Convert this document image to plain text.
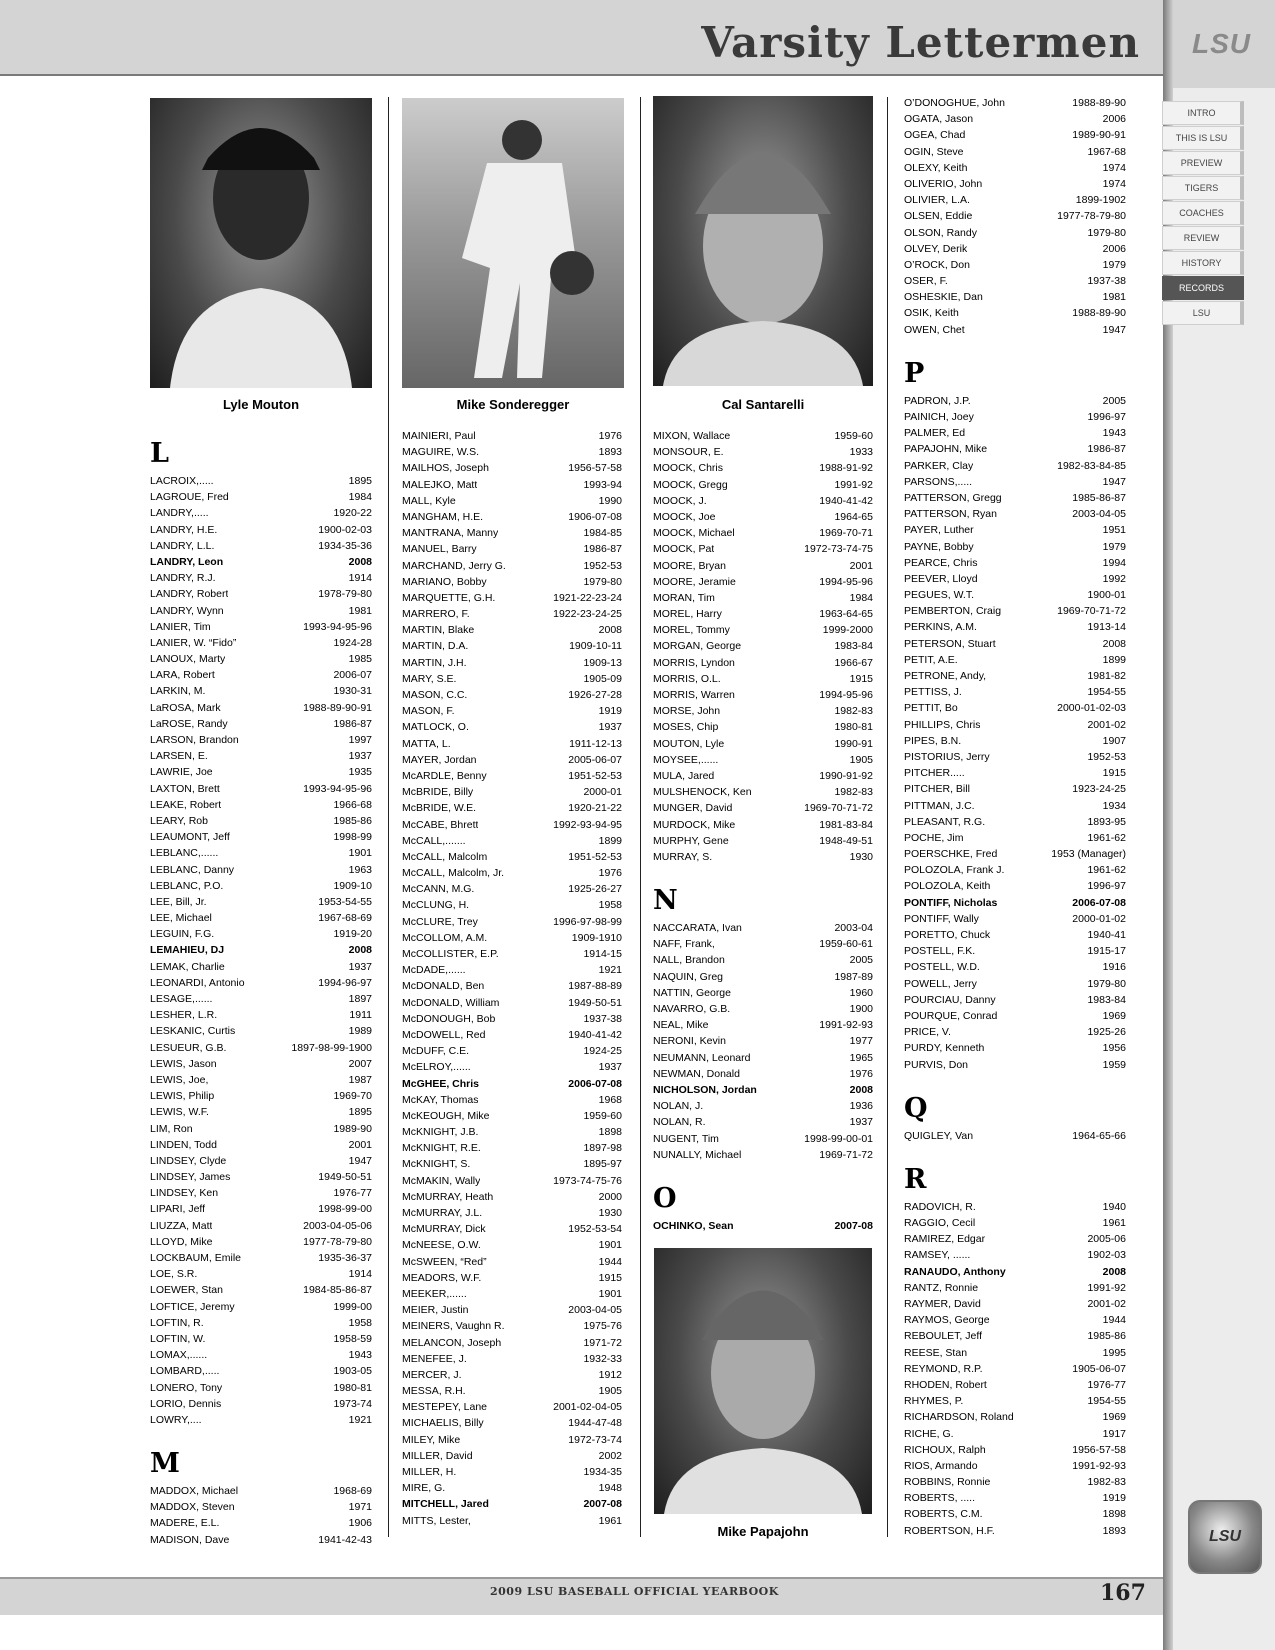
Varsity Lettermen LSU
INTRO
THIS IS LSU
PREVIEW
TIGERS
COACHES
REVIEW
HISTORY
RECORDS
LSU
LSU
Lyle Mouton	Mike Sonderegger	Cal Santarelli
Mike Papajohn
L
LACROIX,.....	1895
LAGROUE, Fred	1984
LANDRY,.....	1920-22
LANDRY, H.E.	1900-02-03
LANDRY, L.L.	1934-35-36
LANDRY, Leon	2008
LANDRY, R.J.	1914
LANDRY, Robert	1978-79-80
LANDRY, Wynn	1981
LANIER, Tim	1993-94-95-96
LANIER, W. “Fido”	1924-28
LANOUX, Marty	1985
LARA, Robert	2006-07
LARKIN, M.	1930-31
LaROSA, Mark	1988-89-90-91
LaROSE, Randy	1986-87
LARSON, Brandon	1997
LARSEN, E.	1937
LAWRIE, Joe	1935
LAXTON, Brett	1993-94-95-96
LEAKE, Robert	1966-68
LEARY, Rob	1985-86
LEAUMONT, Jeff	1998-99
LEBLANC,......	1901
LEBLANC, Danny	1963
LEBLANC, P.O.	1909-10
LEE, Bill, Jr.	1953-54-55
LEE, Michael	1967-68-69
LEGUIN, F.G.	1919-20
LEMAHIEU, DJ	2008
LEMAK, Charlie	1937
LEONARDI, Antonio	1994-96-97
LESAGE,......	1897
LESHER, L.R.	1911
LESKANIC, Curtis	1989
LESUEUR, G.B.	1897-98-99-1900
LEWIS, Jason	2007
LEWIS, Joe,	1987
LEWIS, Philip	1969-70
LEWIS, W.F.	1895
LIM, Ron	1989-90
LINDEN, Todd	2001
LINDSEY, Clyde	1947
LINDSEY, James	1949-50-51
LINDSEY, Ken	1976-77
LIPARI, Jeff	1998-99-00
LIUZZA, Matt	2003-04-05-06
LLOYD, Mike	1977-78-79-80
LOCKBAUM, Emile	1935-36-37
LOE, S.R.	1914
LOEWER, Stan	1984-85-86-87
LOFTICE, Jeremy	1999-00
LOFTIN, R.	1958
LOFTIN, W.	1958-59
LOMAX,......	1943
LOMBARD,.....	1903-05
LONERO, Tony	1980-81
LORIO, Dennis	1973-74
LOWRY,....	1921
M
MADDOX, Michael	1968-69
MADDOX, Steven	1971
MADERE, E.L.	1906
MADISON, Dave	1941-42-43
MAINIERI, Paul	1976
MAGUIRE, W.S.	1893
MAILHOS, Joseph	1956-57-58
MALEJKO, Matt	1993-94
MALL, Kyle	1990
MANGHAM, H.E.	1906-07-08
MANTRANA, Manny	1984-85
MANUEL, Barry	1986-87
MARCHAND, Jerry G.	1952-53
MARIANO, Bobby	1979-80
MARQUETTE, G.H.	1921-22-23-24
MARRERO, F.	1922-23-24-25
MARTIN, Blake	2008
MARTIN, D.A.	1909-10-11
MARTIN, J.H.	1909-13
MARY, S.E.	1905-09
MASON, C.C.	1926-27-28
MASON, F.	1919
MATLOCK, O.	1937
MATTA, L.	1911-12-13
MAYER, Jordan	2005-06-07
McARDLE, Benny	1951-52-53
McBRIDE, Billy	2000-01
McBRIDE, W.E.	1920-21-22
McCABE, Bhrett	1992-93-94-95
McCALL,.......	1899
McCALL, Malcolm	1951-52-53
McCALL, Malcolm, Jr.	1976
McCANN, M.G.	1925-26-27
McCLUNG, H.	1958
McCLURE, Trey	1996-97-98-99
McCOLLOM, A.M.	1909-1910
McCOLLISTER, E.P.	1914-15
McDADE,......	1921
McDONALD, Ben	1987-88-89
McDONALD, William	1949-50-51
McDONOUGH, Bob	1937-38
McDOWELL, Red	1940-41-42
McDUFF, C.E.	1924-25
McELROY,......	1937
McGHEE, Chris	2006-07-08
McKAY, Thomas	1968
McKEOUGH, Mike	1959-60
McKNIGHT, J.B.	1898
McKNIGHT, R.E.	1897-98
McKNIGHT, S.	1895-97
McMAKIN, Wally	1973-74-75-76
McMURRAY, Heath	2000
McMURRAY, J.L.	1930
McMURRAY, Dick	1952-53-54
McNEESE, O.W.	1901
McSWEEN, “Red”	1944
MEADORS, W.F.	1915
MEEKER,......	1901
MEIER, Justin	2003-04-05
MEINERS, Vaughn R.	1975-76
MELANCON, Joseph	1971-72
MENEFEE, J.	1932-33
MERCER, J.	1912
MESSA, R.H.	1905
MESTEPEY, Lane	2001-02-04-05
MICHAELIS, Billy	1944-47-48
MILEY, Mike	1972-73-74
MILLER, David	2002
MILLER, H.	1934-35
MIRE, G.	1948
MITCHELL, Jared	2007-08
MITTS, Lester,	1961
MIXON, Wallace	1959-60
MONSOUR, E.	1933
MOOCK, Chris	1988-91-92
MOOCK, Gregg	1991-92
MOOCK, J.	1940-41-42
MOOCK, Joe	1964-65
MOOCK, Michael	1969-70-71
MOOCK, Pat	1972-73-74-75
MOORE, Bryan	2001
MOORE, Jeramie	1994-95-96
MORAN, Tim	1984
MOREL, Harry	1963-64-65
MOREL, Tommy	1999-2000
MORGAN, George	1983-84
MORRIS, Lyndon	1966-67
MORRIS, O.L.	1915
MORRIS, Warren	1994-95-96
MORSE, John	1982-83
MOSES, Chip	1980-81
MOUTON, Lyle	1990-91
MOYSEE,......	1905
MULA, Jared	1990-91-92
MULSHENOCK, Ken	1982-83
MUNGER, David	1969-70-71-72
MURDOCK, Mike	1981-83-84
MURPHY, Gene	1948-49-51
MURRAY, S.	1930
N
NACCARATA, Ivan	2003-04
NAFF, Frank,	1959-60-61
NALL, Brandon	2005
NAQUIN, Greg	1987-89
NATTIN, George	1960
NAVARRO, G.B.	1900
NEAL, Mike	1991-92-93
NERONI, Kevin	1977
NEUMANN, Leonard	1965
NEWMAN, Donald	1976
NICHOLSON, Jordan	2008
NOLAN, J.	1936
NOLAN, R.	1937
NUGENT, Tim	1998-99-00-01
NUNALLY, Michael	1969-71-72
O
OCHINKO, Sean	2007-08
O’DONOGHUE, John	1988-89-90
OGATA, Jason	2006
OGEA, Chad	1989-90-91
OGIN, Steve	1967-68
OLEXY, Keith	1974
OLIVERIO, John	1974
OLIVIER, L.A.	1899-1902
OLSEN, Eddie	1977-78-79-80
OLSON, Randy	1979-80
OLVEY, Derik	2006
O’ROCK, Don	1979
OSER, F.	1937-38
OSHESKIE, Dan	1981
OSIK, Keith	1988-89-90
OWEN, Chet	1947
P
PADRON, J.P.	2005
PAINICH, Joey	1996-97
PALMER, Ed	1943
PAPAJOHN, Mike	1986-87
PARKER, Clay	1982-83-84-85
PARSONS,.....	1947
PATTERSON, Gregg	1985-86-87
PATTERSON, Ryan	2003-04-05
PAYER, Luther	1951
PAYNE, Bobby	1979
PEARCE, Chris	1994
PEEVER, Lloyd	1992
PEGUES, W.T.	1900-01
PEMBERTON, Craig	1969-70-71-72
PERKINS, A.M.	1913-14
PETERSON, Stuart	2008
PETIT, A.E.	1899
PETRONE, Andy,	1981-82
PETTISS, J.	1954-55
PETTIT, Bo	2000-01-02-03
PHILLIPS, Chris	2001-02
PIPES, B.N.	1907
PISTORIUS, Jerry	1952-53
PITCHER.....	1915
PITCHER, Bill	1923-24-25
PITTMAN, J.C.	1934
PLEASANT, R.G.	1893-95
POCHE, Jim	1961-62
POERSCHKE, Fred	1953 (Manager)
POLOZOLA, Frank J.	1961-62
POLOZOLA, Keith	1996-97
PONTIFF, Nicholas	2006-07-08
PONTIFF, Wally	2000-01-02
PORETTO, Chuck	1940-41
POSTELL, F.K.	1915-17
POSTELL, W.D.	1916
POWELL, Jerry	1979-80
POURCIAU, Danny	1983-84
POURQUE, Conrad	1969
PRICE, V.	1925-26
PURDY, Kenneth	1956
PURVIS, Don	1959
Q
QUIGLEY, Van	1964-65-66
R
RADOVICH, R.	1940
RAGGIO, Cecil	1961
RAMIREZ, Edgar	2005-06
RAMSEY, ......	1902-03
RANAUDO, Anthony	2008
RANTZ, Ronnie	1991-92
RAYMER, David	2001-02
RAYMOS, George	1944
REBOULET, Jeff	1985-86
REESE, Stan	1995
REYMOND, R.P.	1905-06-07
RHODEN, Robert	1976-77
RHYMES, P.	1954-55
RICHARDSON, Roland	1969
RICHE, G.	1917
RICHOUX, Ralph	1956-57-58
RIOS, Armando	1991-92-93
ROBBINS, Ronnie	1982-83
ROBERTS, .....	1919
ROBERTS, C.M.	1898
ROBERTSON, H.F.	1893
2009 LSU BASEBALL OFFICIAL YEARBOOK	167
